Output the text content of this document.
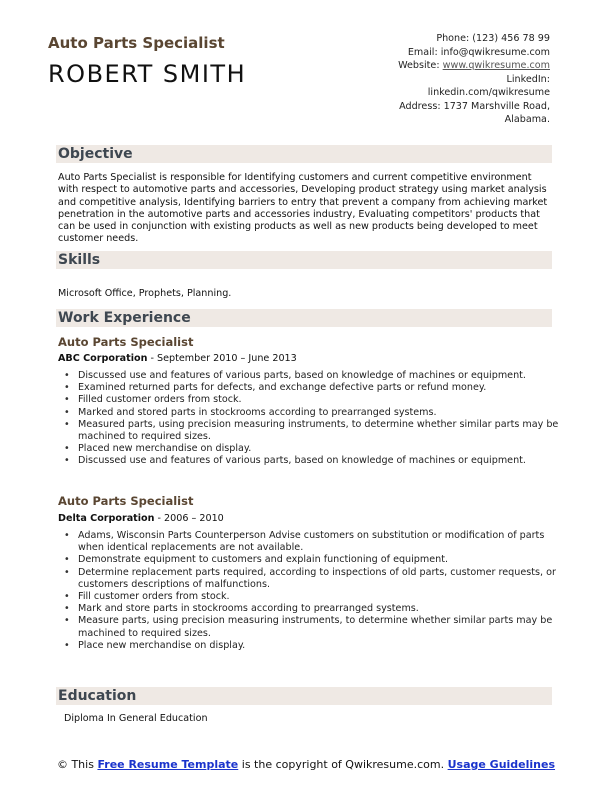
Auto Parts Specialist
ROBERT SMITH
Phone: (123) 456 78 99
Email: info@qwikresume.com
Website: www.qwikresume.com
LinkedIn:
linkedin.com/qwikresume
Address: 1737 Marshville Road,
Alabama.
Objective
Auto Parts Specialist is responsible for Identifying customers and current competitive environment with respect to automotive parts and accessories, Developing product strategy using market analysis and competitive analysis, Identifying barriers to entry that prevent a company from achieving market penetration in the automotive parts and accessories industry, Evaluating competitors' products that can be used in conjunction with existing products as well as new products being developed to meet customer needs.
Skills
Microsoft Office, Prophets, Planning.
Work Experience
Auto Parts Specialist
ABC Corporation - September 2010 – June 2013
• Discussed use and features of various parts, based on knowledge of machines or equipment.
• Examined returned parts for defects, and exchange defective parts or refund money.
• Filled customer orders from stock.
• Marked and stored parts in stockrooms according to prearranged systems.
• Measured parts, using precision measuring instruments, to determine whether similar parts may be machined to required sizes.
• Placed new merchandise on display.
• Discussed use and features of various parts, based on knowledge of machines or equipment.
Auto Parts Specialist
Delta Corporation - 2006 – 2010
• Adams, Wisconsin Parts Counterperson Advise customers on substitution or modification of parts when identical replacements are not available.
• Demonstrate equipment to customers and explain functioning of equipment.
• Determine replacement parts required, according to inspections of old parts, customer requests, or customers descriptions of malfunctions.
• Fill customer orders from stock.
• Mark and store parts in stockrooms according to prearranged systems.
• Measure parts, using precision measuring instruments, to determine whether similar parts may be machined to required sizes.
• Place new merchandise on display.
Education
Diploma In General Education
© This Free Resume Template is the copyright of Qwikresume.com. Usage Guidelines
